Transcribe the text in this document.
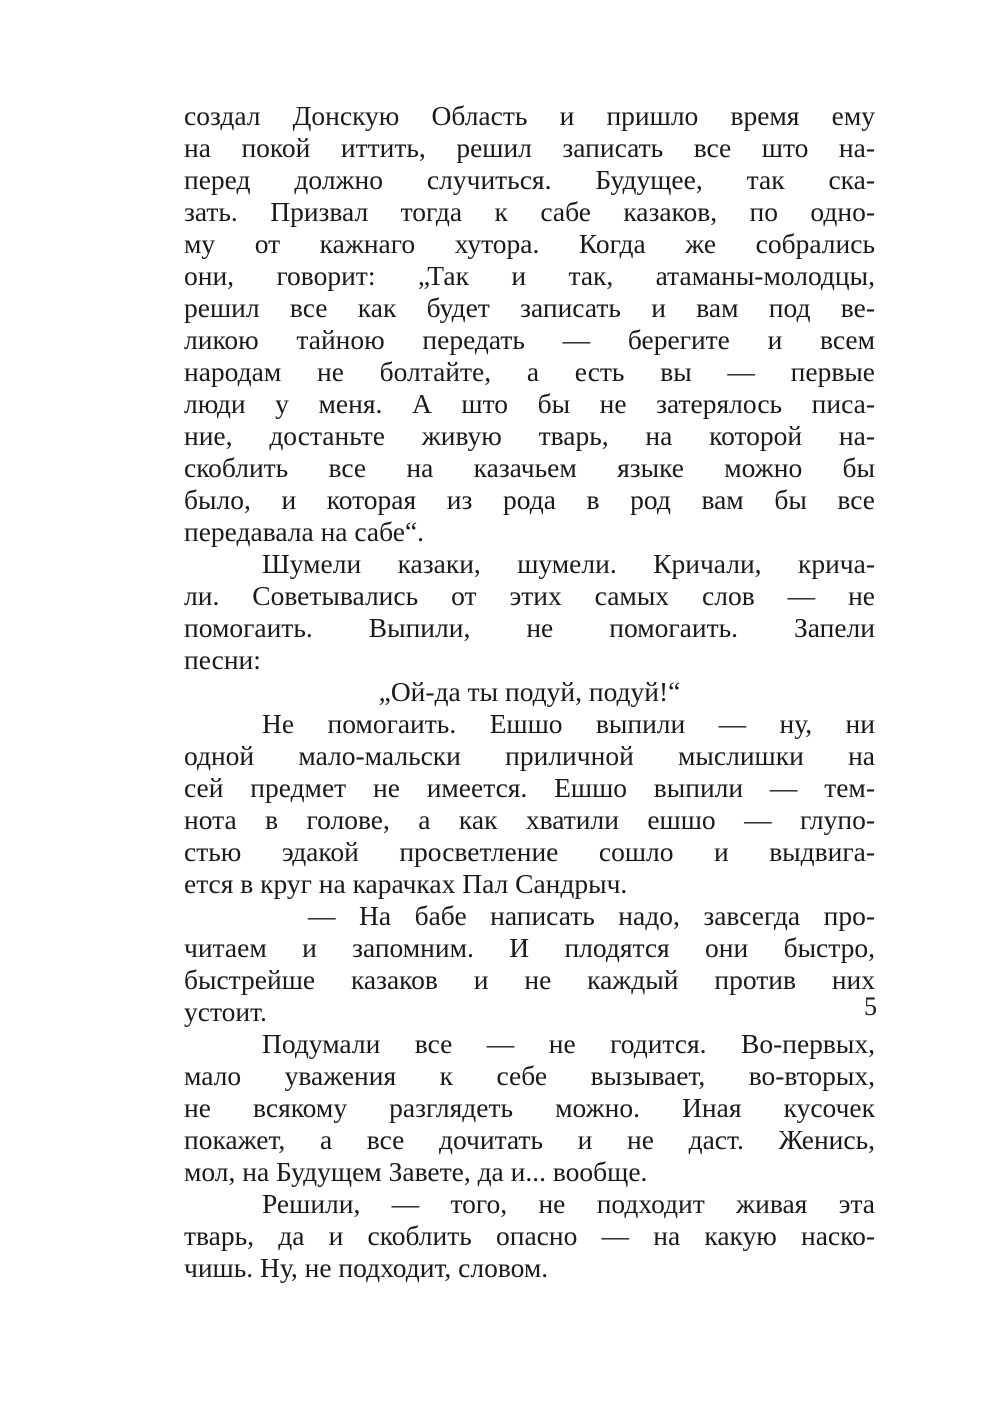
создал Донскую Область и пришло время ему
на покой иттить, решил записать все што на-
перед должно случиться. Будущее, так ска-
зать. Призвал тогда к сабе казаков, по одно-
му от кажнаго хутора. Когда же собрались
они, говорит: „Так и так, атаманы-молодцы,
решил все как будет записать и вам под ве-
ликою тайною передать — берегите и всем
народам не болтайте, а есть вы — первые
люди у меня. А што бы не затерялось писа-
ние, достаньте живую тварь, на которой на-
скоблить все на казачьем языке можно бы
было, и которая из рода в род вам бы все
передавала на сабе“.
Шумели казаки, шумели. Кричали, крича-
ли. Советывались от этих самых слов — не
помогаить. Выпили, не помогаить. Запели
песни:
„Ой-да ты подуй, подуй!“
Не помогаить. Ешшо выпили — ну, ни
одной мало-мальски приличной мыслишки на
сей предмет не имеется. Ешшо выпили — тем-
нота в голове, а как хватили ешшо — глупо-
стью эдакой просветление сошло и выдвига-
ется в круг на карачках Пал Сандрыч.
— На бабе написать надо, завсегда про-
читаем и запомним. И плодятся они быстро,
быстрейше казаков и не каждый против них
устоит.
Подумали все — не годится. Во-первых,
мало уважения к себе вызывает, во-вторых,
не всякому разглядеть можно. Иная кусочек
покажет, а все дочитать и не даст. Женись,
мол, на Будущем Завете, да и... вообще.
Решили, — того, не подходит живая эта
тварь, да и скоблить опасно — на какую наско-
чишь. Ну, не подходит, словом.
5
